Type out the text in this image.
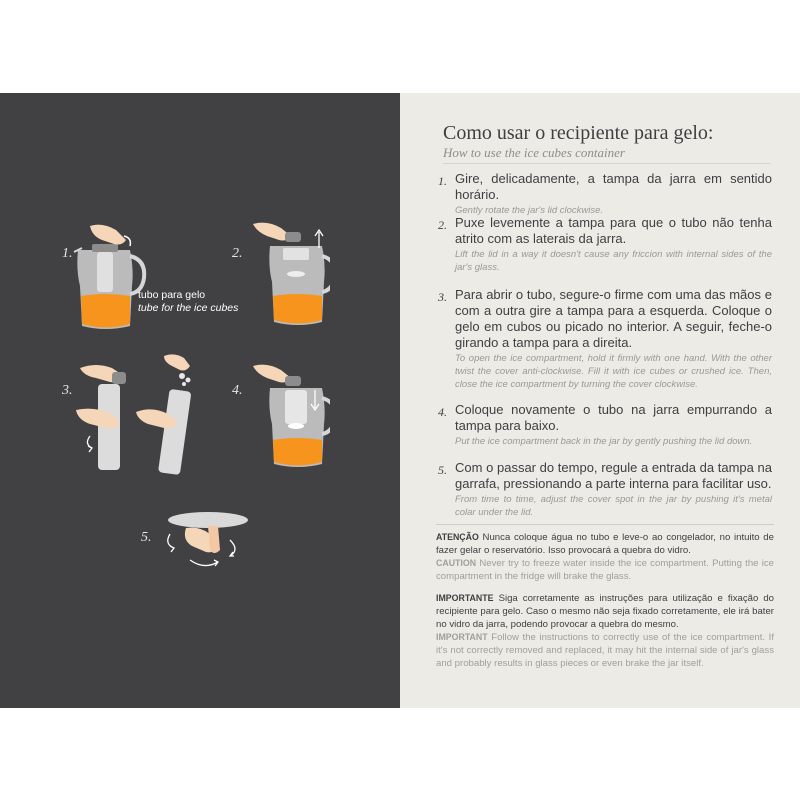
1.	2.
3.	4.
5.
tubo para gelo
tube for the ice cubes
Como usar o recipiente para gelo:
How to use the ice cubes container
1. Gire, delicadamente, a tampa da jarra em sentido horário.
Gently rotate the jar's lid clockwise.
2. Puxe levemente a tampa para que o tubo não tenha atrito com as laterais da jarra.
Lift the lid in a way it doesn't cause any friccion with internal sides of the jar's glass.
3. Para abrir o tubo, segure-o firme com uma das mãos e com a outra gire a tampa para a esquerda. Coloque o gelo em cubos ou picado no interior. A seguir, feche-o girando a tampa para a direita.
To open the ice compartment, hold it firmly with one hand. With the other twist the cover anti-clockwise. Fill it with ice cubes or crushed ice. Then, close the ice compartment by turning the cover clockwise.
4. Coloque novamente o tubo na jarra empurrando a tampa para baixo.
Put the ice compartment back in the jar by gently pushing the lid down.
5. Com o passar do tempo, regule a entrada da tampa na garrafa, pressionando a parte interna para facilitar uso.
From time to time, adjust the cover spot in the jar by pushing it's metal colar under the lid.
ATENÇÃO Nunca coloque água no tubo e leve-o ao congelador, no intuito de fazer gelar o reservatório. Isso provocará a quebra do vidro.
CAUTION Never try to freeze water inside the ice compartment. Putting the ice compartment in the fridge will brake the glass.
IMPORTANTE Siga corretamente as instruções para utilização e fixação do recipiente para gelo. Caso o mesmo não seja fixado corretamente, ele irá bater no vidro da jarra, podendo provocar a quebra do mesmo.
IMPORTANT Follow the instructions to correctly use of the ice compartment. If it's not correctly removed and replaced, it may hit the internal side of jar's glass and probably results in glass pieces or even brake the jar itself.
